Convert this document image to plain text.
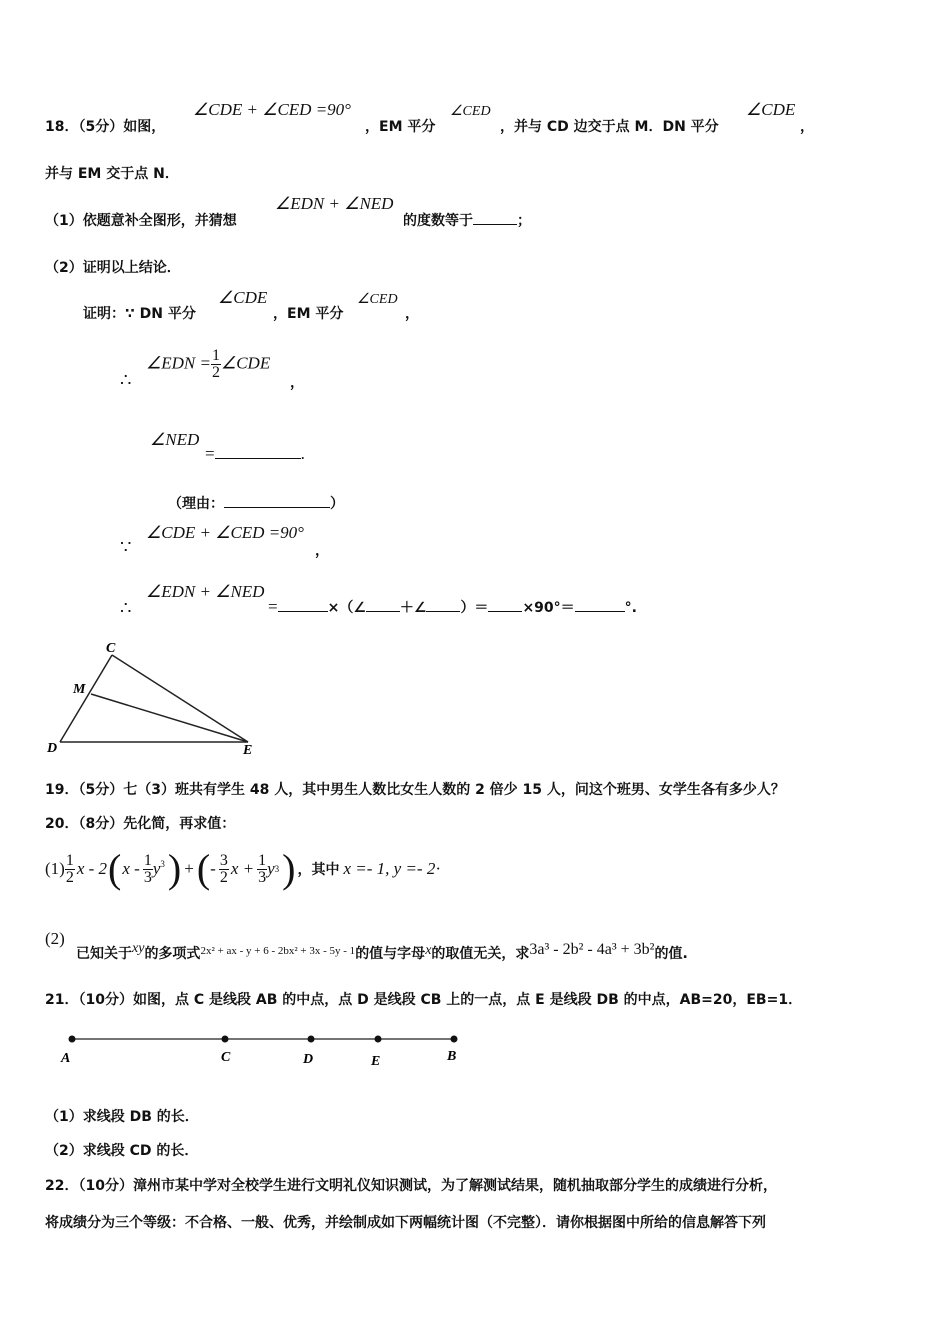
18．（5分）如图，
∠CDE + ∠CED =90°
，EM 平分
∠CED
，并与 CD 边交于点 M．DN 平分
∠CDE
，
并与 EM 交于点 N．
（1）依题意补全图形，并猜想
∠EDN + ∠NED
的度数等于	；
（2）证明以上结论．
证明：∵ DN 平分
∠CDE
，EM 平分
∠CED
，
∴
∠EDN = $\frac{1}{2}$ ∠CDE
，
∠NED
=	.
（理由：	）
∵
∠CDE + ∠CED =90°
，
∴
∠EDN + ∠NED
=	×（∠ ＋∠ ）＝ ×90°＝	°.
C
M
D	E
19．（5分）七（3）班共有学生 48 人，其中男生人数比女生人数的 2 倍少 15 人，问这个班男、女学生各有多少人？
20．（8分）先化简，再求值：
$(1) \frac{1}{2}$ x - 2 ( x - $\frac{1}{3} y^3$ ) + ( - $\frac{3}{2}$ $x + \frac{1}{3}$ y 3 ) ，其中 x =- 1, y =- 2 ·
(2)
已知关于xy的多项式$^{2x^2 + ax - y + 6 - 2bx^2 + 3x - 5y - 1}$的值与字母x的取值无关，求3a³ - 2b² - 4a³ + 3b²的值.
21．（10分）如图，点 C 是线段 AB 的中点，点 D 是线段 CB 上的一点，点 E 是线段 DB 的中点，AB=20，EB=1．
A	C	D	E	B
（1）求线段 DB 的长．
（2）求线段 CD 的长．
22．（10分）漳州市某中学对全校学生进行文明礼仪知识测试，为了解测试结果，随机抽取部分学生的成绩进行分析，
将成绩分为三个等级：不合格、一般、优秀，并绘制成如下两幅统计图（不完整）．请你根据图中所给的信息解答下列
